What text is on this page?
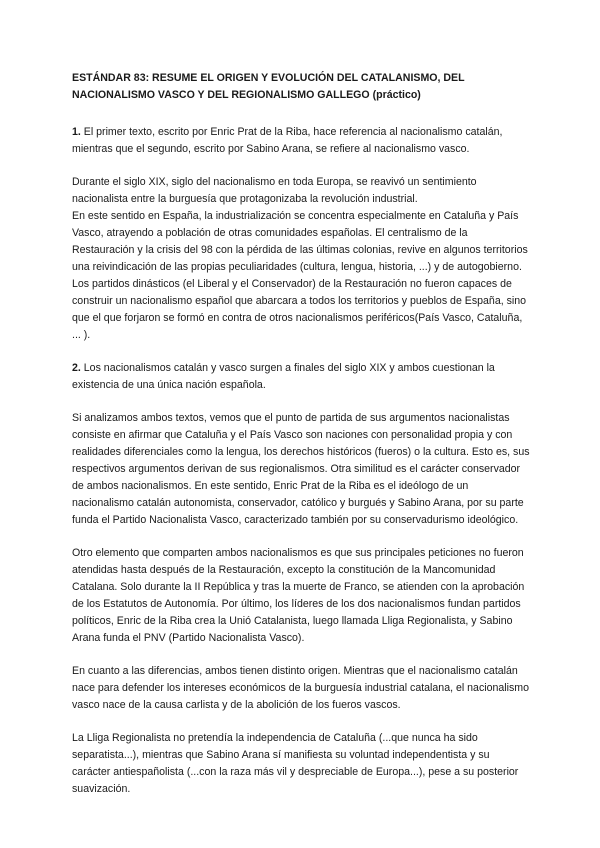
ESTÁNDAR 83: RESUME EL ORIGEN Y EVOLUCIÓN DEL CATALANISMO, DEL NACIONALISMO VASCO Y DEL REGIONALISMO GALLEGO (práctico)

1. El primer texto, escrito por Enric Prat de la Riba, hace referencia al nacionalismo catalán, mientras que el segundo, escrito por Sabino Arana, se refiere al nacionalismo vasco.

Durante el siglo XIX, siglo del nacionalismo en toda Europa, se reavivó un sentimiento nacionalista entre la burguesía que protagonizaba la revolución industrial.

En este sentido en España, la industrialización se concentra especialmente en Cataluña y País Vasco, atrayendo a población de otras comunidades españolas. El centralismo de la Restauración y la crisis del 98 con la pérdida de las últimas colonias, revive en algunos territorios una reivindicación de las propias peculiaridades (cultura, lengua, historia, ...) y de autogobierno.

Los partidos dinásticos (el Liberal y el Conservador) de la Restauración no fueron capaces de construir un nacionalismo español que abarcara a todos los territorios y pueblos de España, sino que el que forjaron se formó en contra de otros nacionalismos periféricos(País Vasco, Cataluña, ... ).

2. Los nacionalismos catalán y vasco surgen a finales del siglo XIX y ambos cuestionan la existencia de una única nación española.

Si analizamos ambos textos, vemos que el punto de partida de sus argumentos nacionalistas consiste en afirmar que Cataluña y el País Vasco son naciones con personalidad propia y con realidades diferenciales como la lengua, los derechos históricos (fueros) o la cultura. Esto es, sus respectivos argumentos derivan de sus regionalismos. Otra similitud es el carácter conservador de ambos nacionalismos. En este sentido, Enric Prat de la Riba es el ideólogo de un nacionalismo catalán autonomista, conservador, católico y burgués y Sabino Arana, por su parte funda el Partido Nacionalista Vasco, caracterizado también por su conservadurismo ideológico.

Otro elemento que comparten ambos nacionalismos es que sus principales peticiones no fueron atendidas hasta después de la Restauración, excepto la constitución de la Mancomunidad Catalana. Solo durante la II República y tras la muerte de Franco, se atienden con la aprobación de los Estatutos de Autonomía. Por último, los líderes de los dos nacionalismos fundan partidos políticos, Enric de la Riba crea la Unió Catalanista, luego llamada Lliga Regionalista, y Sabino Arana funda el PNV (Partido Nacionalista Vasco).

En cuanto a las diferencias, ambos tienen distinto origen. Mientras que el nacionalismo catalán nace para defender los intereses económicos de la burguesía industrial catalana, el nacionalismo vasco nace de la causa carlista y de la abolición de los fueros vascos.

La Lliga Regionalista no pretendía la independencia de Cataluña (...que nunca ha sido separatista...), mientras que Sabino Arana sí manifiesta su voluntad independentista y su carácter antiespañolista (...con la raza más vil y despreciable de Europa...), pese a su posterior suavización.
